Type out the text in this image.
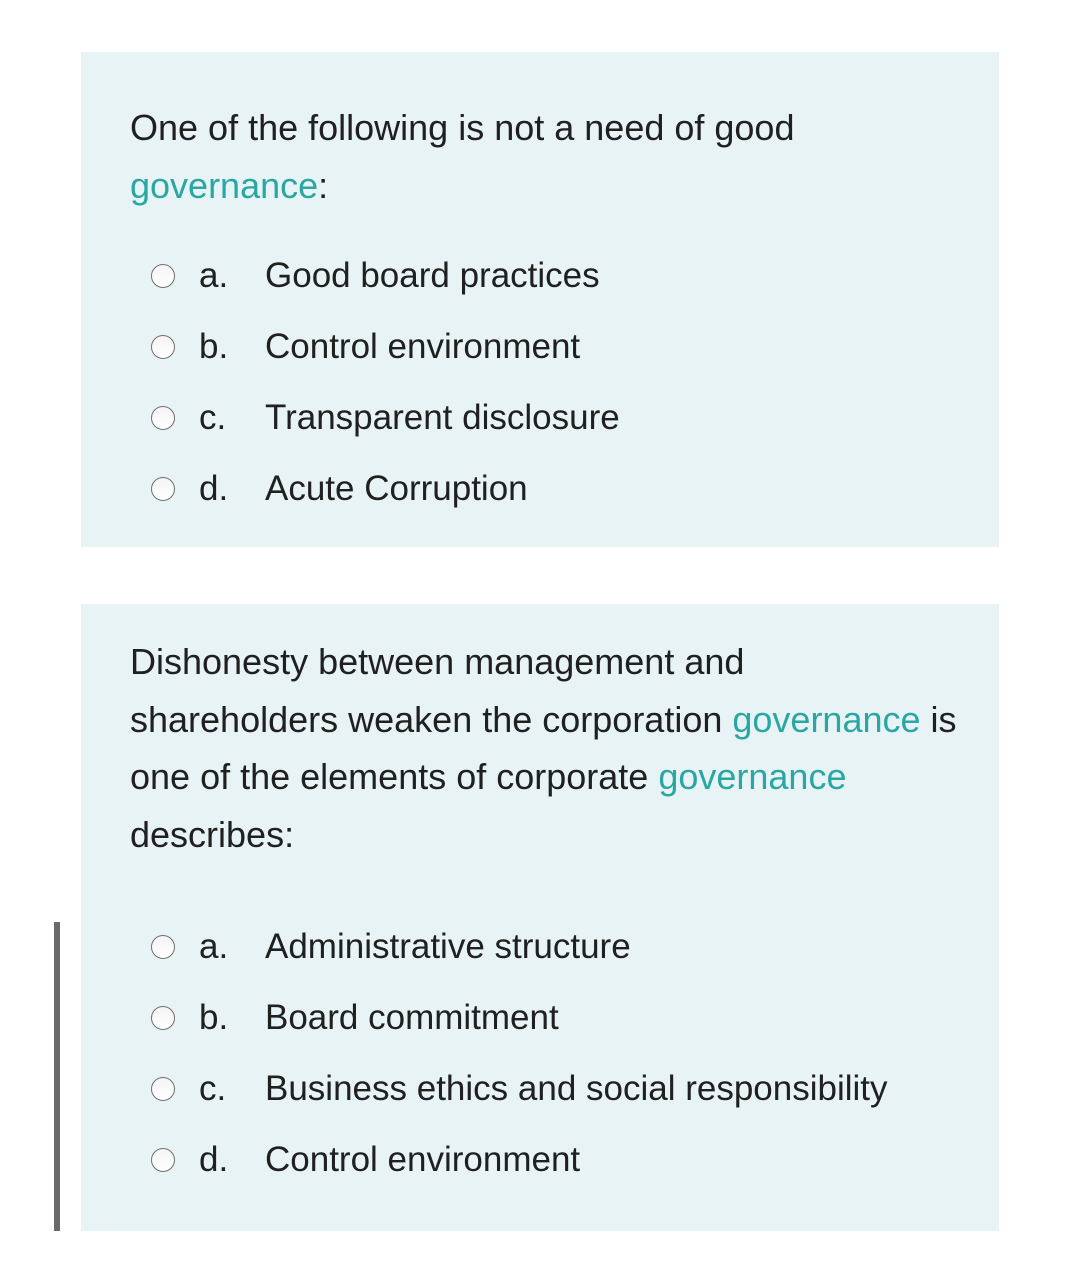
One of the following is not a need of good governance:
a.	Good board practices
b.	Control environment
c.	Transparent disclosure
d.	Acute Corruption
Dishonesty between management and shareholders weaken the corporation governance is one of the elements of corporate governance describes:
a.	Administrative structure
b.	Board commitment
c.	Business ethics and social responsibility
d.	Control environment
